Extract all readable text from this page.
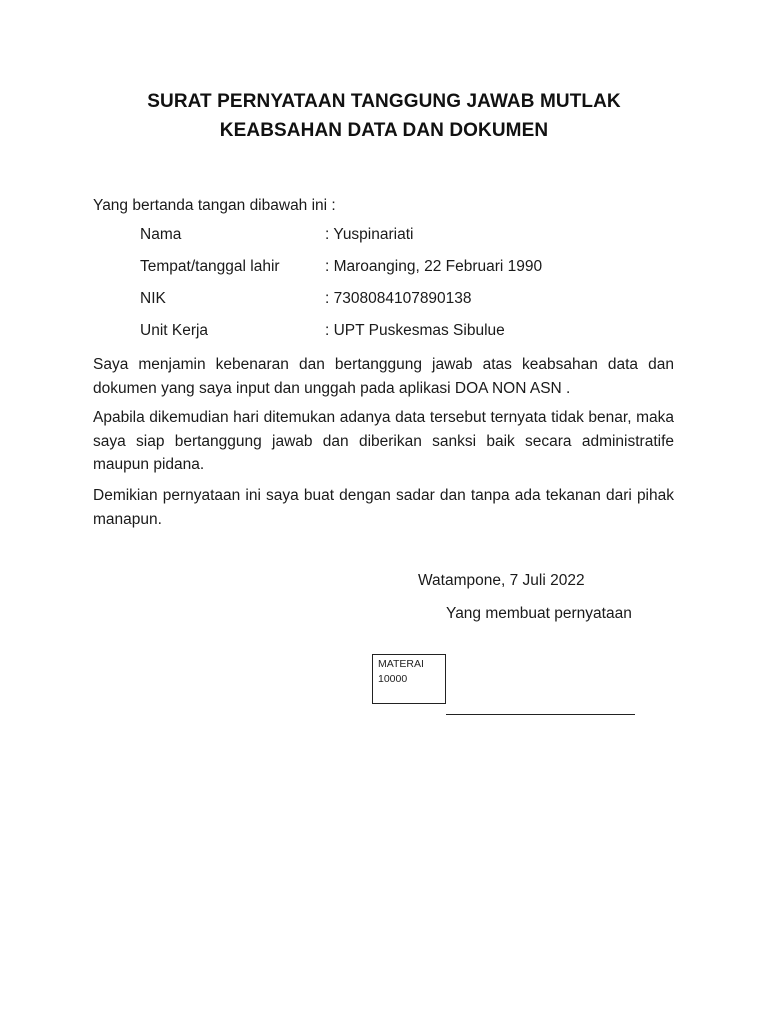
SURAT PERNYATAAN TANGGUNG JAWAB MUTLAK
KEABSAHAN DATA DAN DOKUMEN
Yang bertanda tangan dibawah ini :
Nama	: Yuspinariati
Tempat/tanggal lahir	: Maroanging, 22 Februari 1990
NIK	: 7308084107890138
Unit Kerja	: UPT Puskesmas Sibulue
Saya menjamin kebenaran dan bertanggung jawab atas keabsahan data dan dokumen yang saya input dan unggah pada aplikasi DOA NON ASN .
Apabila dikemudian hari ditemukan adanya data tersebut ternyata tidak benar, maka saya siap bertanggung jawab dan diberikan sanksi baik secara administratife maupun pidana.
Demikian pernyataan ini saya buat dengan sadar dan tanpa ada tekanan dari pihak manapun.
Watampone, 7 Juli 2022
Yang membuat pernyataan
MATERAI
10000
